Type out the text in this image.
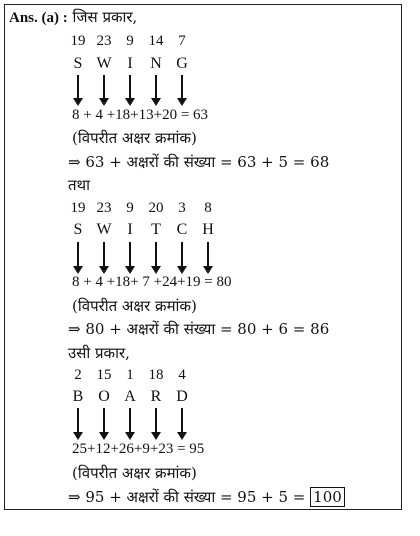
Ans. (a) : जिस प्रकार,
19 23 9 14 7
S W I	N G
8 + 4 +18+13+20 = 63
(विपरीत अक्षर क्रमांक)
⇒ 63 + अक्षरों की संख्या = 63 + 5 = 68
तथा
19 23 9 20 3	8
S W I	T C H
8 + 4 +18+ 7 +24+19 = 80
(विपरीत अक्षर क्रमांक)
⇒ 80 + अक्षरों की संख्या = 80 + 6 = 86
उसी प्रकार,
2 15 1 18 4
B O A R D
25+12+26+9+23 = 95
(विपरीत अक्षर क्रमांक)
⇒ 95 + अक्षरों की संख्या = 95 + 5 = 100
